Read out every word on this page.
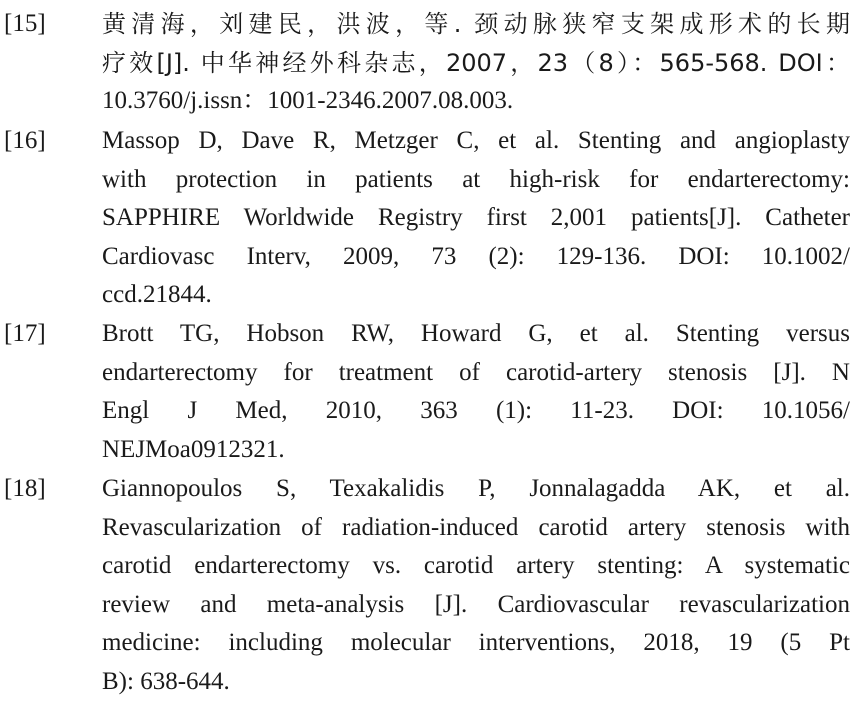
[15] 黄清海，刘建民，洪波，等. 颈动脉狭窄支架成形术的长期
疗效[J]. 中华神经外科杂志，2007，23（8）：565-568. DOI：
10.3760/j.issn：1001-2346.2007.08.003.
[16] Massop D, Dave R, Metzger C, et al. Stenting and angioplasty
with protection in patients at high-risk for endarterectomy:
SAPPHIRE Worldwide Registry first 2,001 patients[J]. Catheter
Cardiovasc Interv, 2009, 73 (2): 129-136. DOI: 10.1002/
ccd.21844.
[17] Brott TG, Hobson RW, Howard G, et al. Stenting versus
endarterectomy for treatment of carotid-artery stenosis [J]. N
Engl J Med, 2010, 363 (1): 11-23. DOI: 10.1056/
NEJMoa0912321.
[18] Giannopoulos S, Texakalidis P, Jonnalagadda AK, et al.
Revascularization of radiation-induced carotid artery stenosis with
carotid endarterectomy vs. carotid artery stenting: A systematic
review and meta-analysis [J]. Cardiovascular revascularization
medicine: including molecular interventions, 2018, 19 (5 Pt
B): 638-644.
